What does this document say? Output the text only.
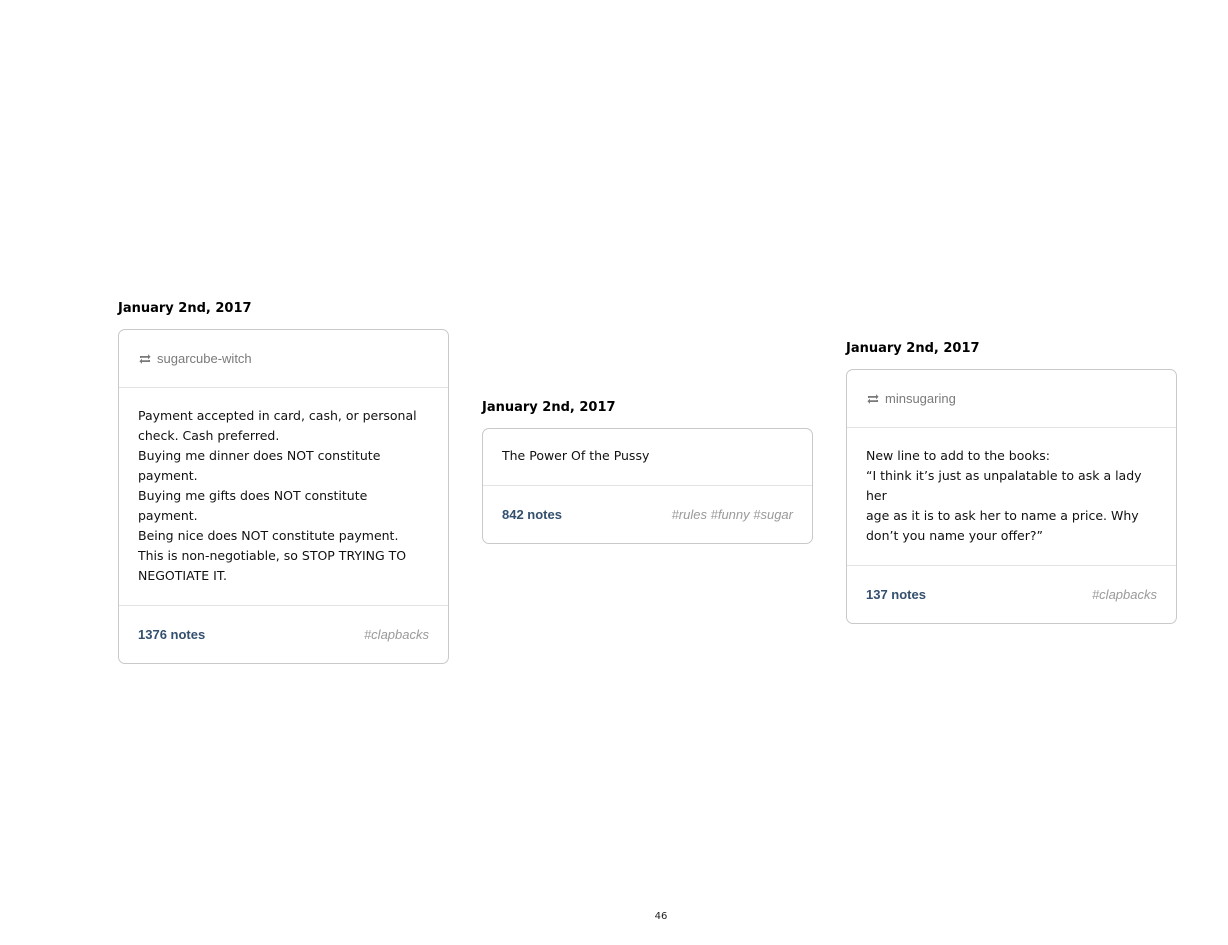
January 2nd, 2017
sugarcube-witch
Payment accepted in card, cash, or personal
check. Cash preferred.
Buying me dinner does NOT constitute
payment.
Buying me gifts does NOT constitute payment.
Being nice does NOT constitute payment.
This is non-negotiable, so STOP TRYING TO
NEGOTIATE IT.
1376 notes	#clapbacks
January 2nd, 2017
The Power Of the Pussy
842 notes	#rules #funny #sugar
January 2nd, 2017
minsugaring
New line to add to the books:
“I think it’s just as unpalatable to ask a lady her
age as it is to ask her to name a price. Why
don’t you name your offer?”
137 notes	#clapbacks
46
